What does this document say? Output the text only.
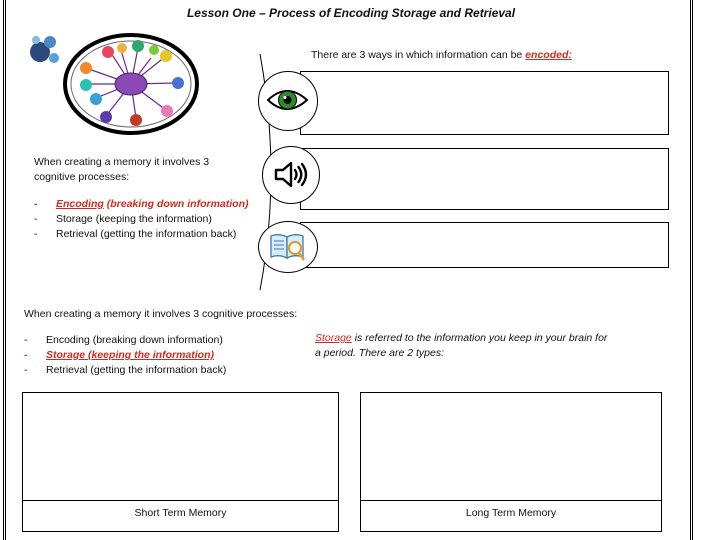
Lesson One – Process of Encoding Storage and Retrieval
There are 3 ways in which information can be encoded:
When creating a memory it involves 3
cognitive processes:
-	Encoding (breaking down information)
-	Storage (keeping the information)
-	Retrieval (getting the information back)
When creating a memory it involves 3 cognitive processes:
-	Encoding (breaking down information)
-	Storage (keeping the information)
-	Retrieval (getting the information back)
Storage is referred to the information you keep in your brain for
a period. There are 2 types:
Short Term Memory	Long Term Memory
